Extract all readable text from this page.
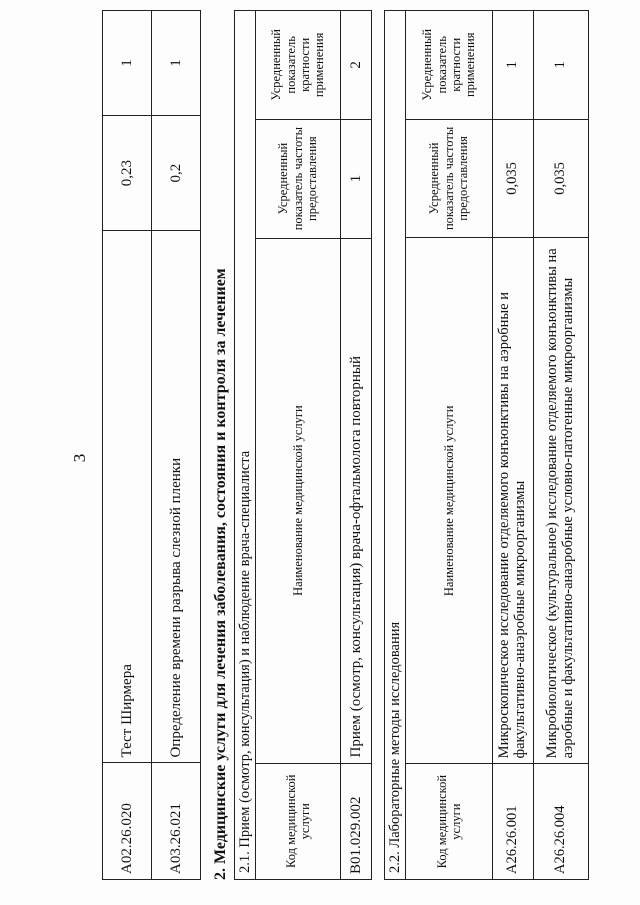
3
A02.26.020	Тест Ширмера	0,23	1
A03.26.021	Определение времени разрыва слезной пленки	0,2	1
2. Медицинские услуги для лечения заболевания, состояния и контроля за лечением 2.1. Прием (осмотр, консультация) и наблюдение врача-специалиста			
Код медицинской услуги	Наименование медицинской услуги	Усредненный показатель частоты предоставления	Усредненный показатель кратности применения
B01.029.002	Прием (осмотр, консультация) врача-офтальмолога повторный	1	2
2.2. Лабораторные методы исследования			
Код медицинской услуги	Наименование медицинской услуги	Усредненный показатель частоты предоставления	Усредненный показатель кратности применения
A26.26.001	Микроскопическое исследование отделяемого конъюнктивы на аэробные и факультативно-анаэробные микроорганизмы	0,035	1
A26.26.004	Микробиологическое (культуральное) исследование отделяемого конъюнктивы на аэробные и факультативно-анаэробные условно-патогенные микроорганизмы	0,035	1
